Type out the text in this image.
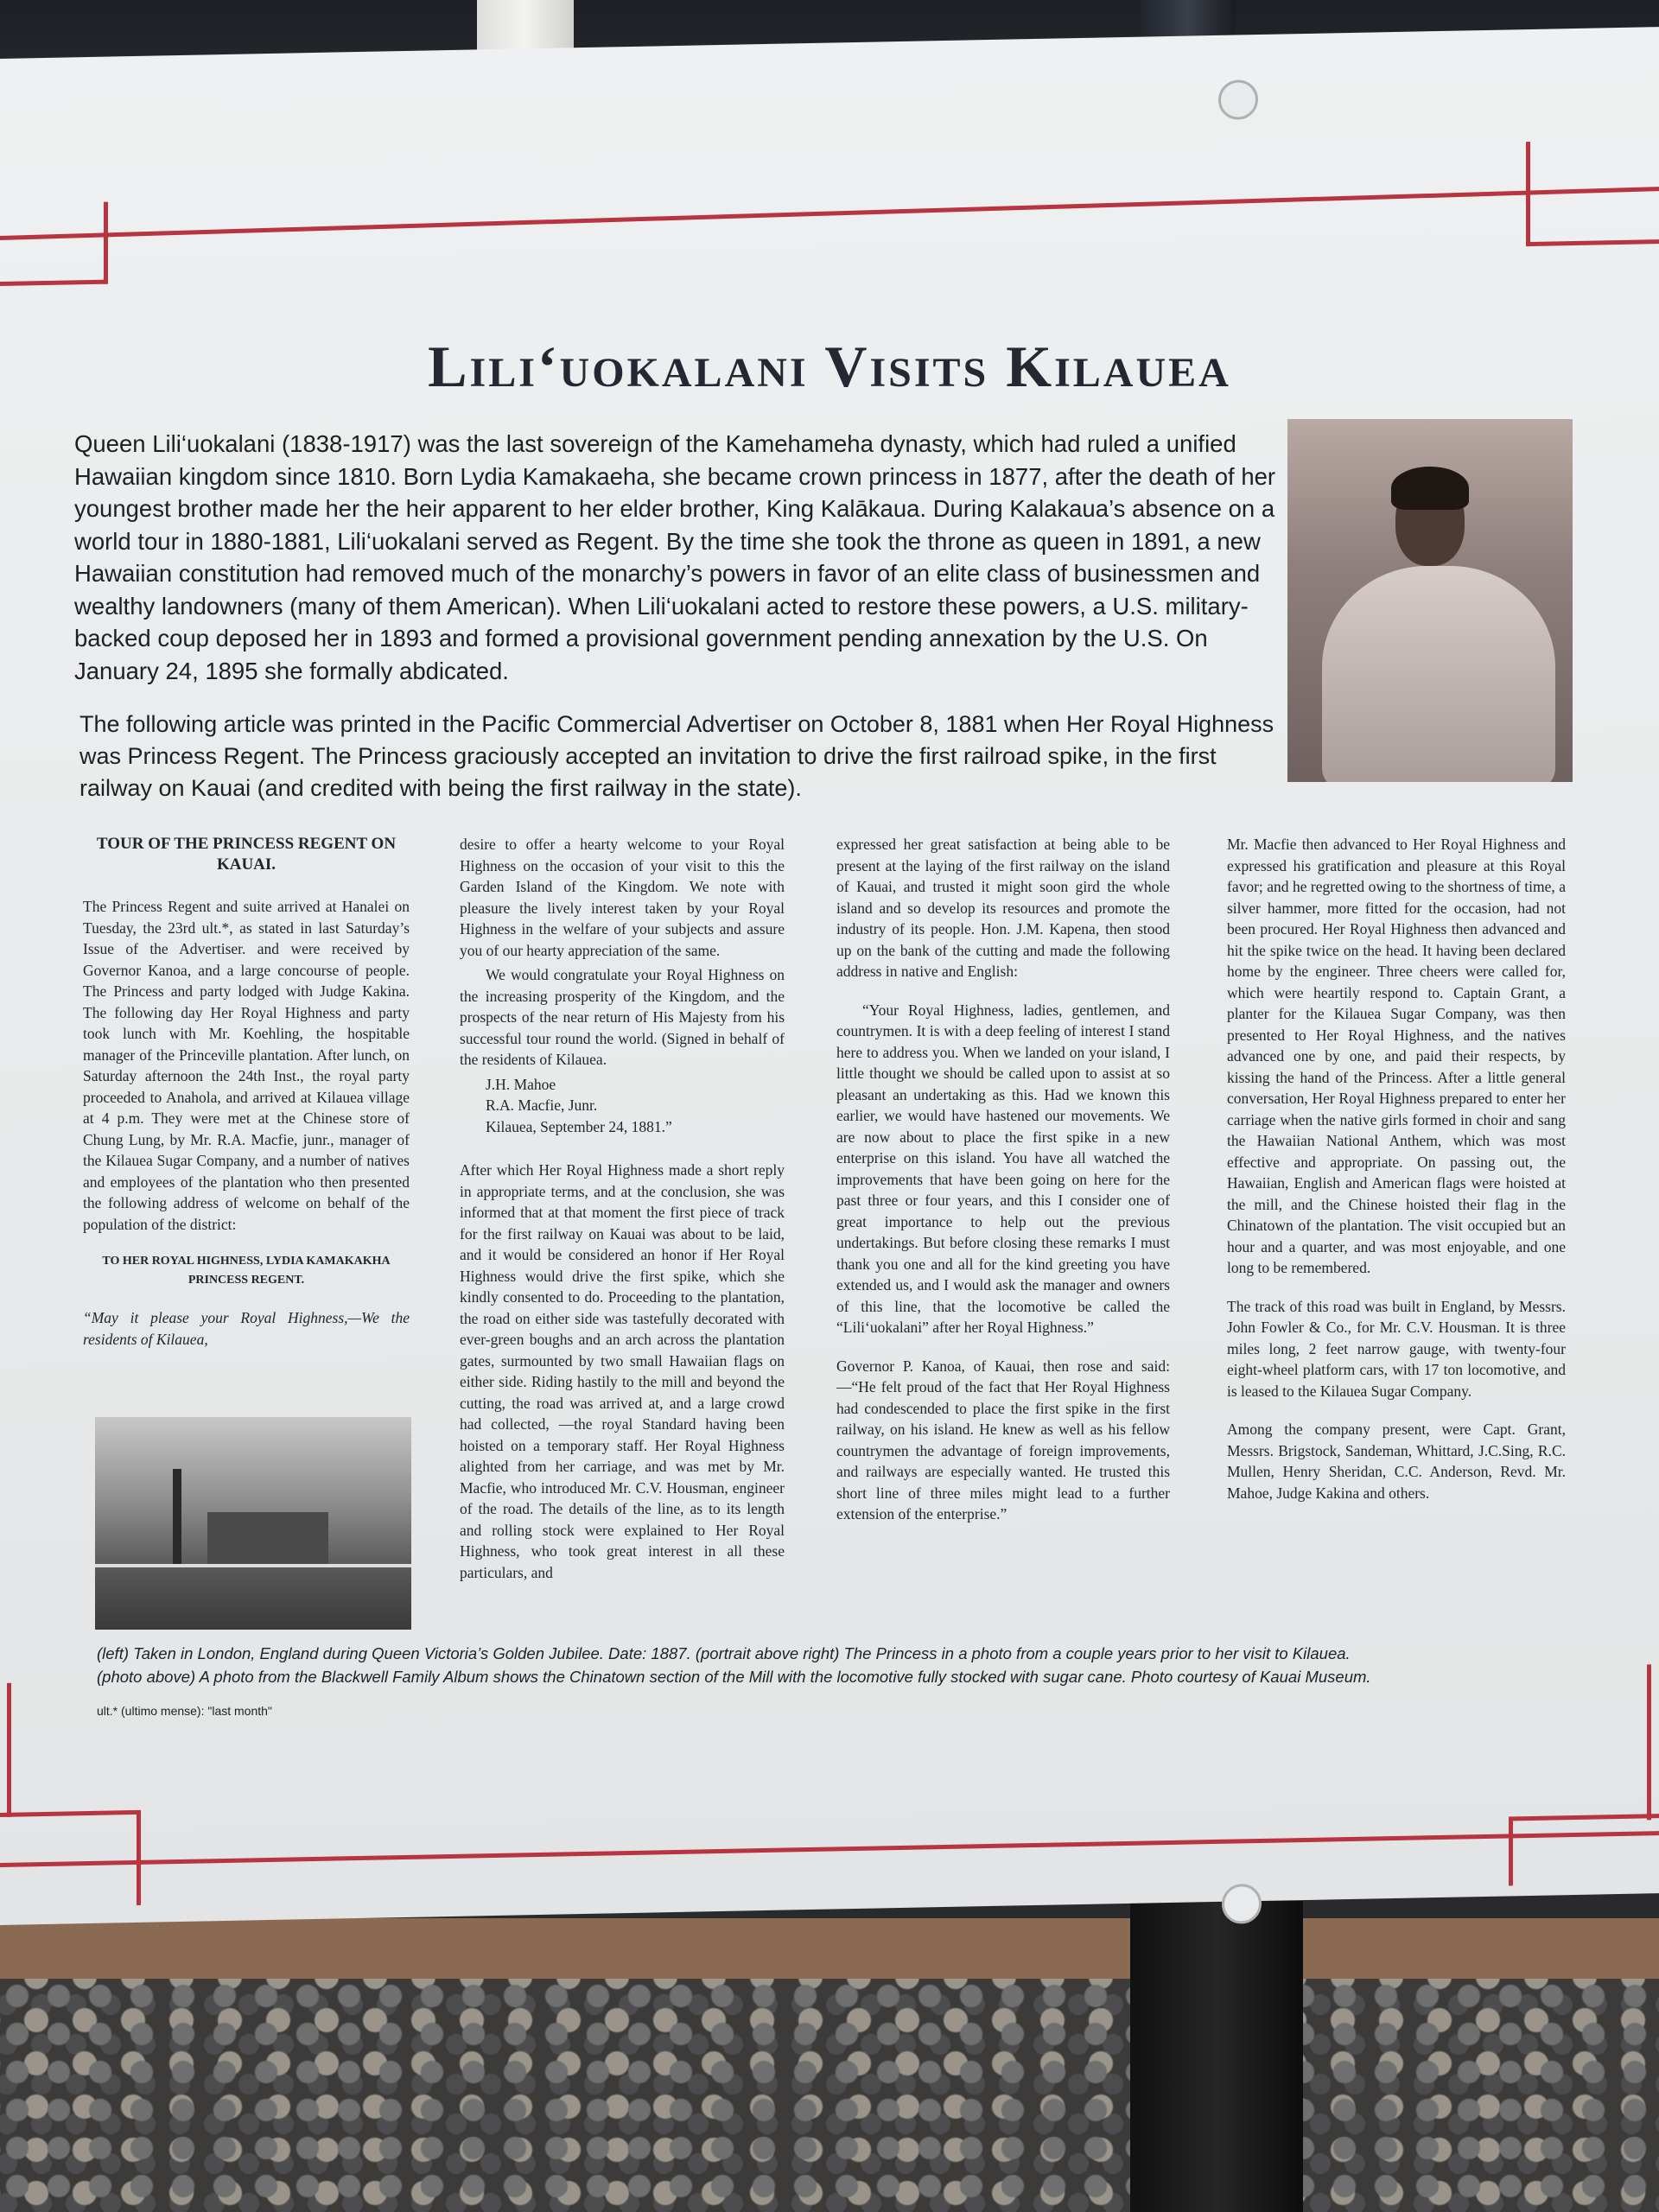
Lili‘uokalani Visits Kilauea
Queen Lili‘uokalani (1838-1917) was the last sovereign of the Kamehameha dynasty, which had ruled a unified Hawaiian kingdom since 1810. Born Lydia Kamakaeha, she became crown princess in 1877, after the death of her youngest brother made her the heir apparent to her elder brother, King Kalākaua. During Kalakaua’s absence on a world tour in 1880-1881, Lili‘uokalani served as Regent. By the time she took the throne as queen in 1891, a new Hawaiian constitution had removed much of the monarchy’s powers in favor of an elite class of businessmen and wealthy landowners (many of them American). When Lili‘uokalani acted to restore these powers, a U.S. military-backed coup deposed her in 1893 and formed a provisional government pending annexation by the U.S. On January 24, 1895 she formally abdicated.
The following article was printed in the Pacific Commercial Advertiser on October 8, 1881 when Her Royal Highness was Princess Regent. The Princess graciously accepted an invitation to drive the first railroad spike, in the first railway on Kauai (and credited with being the first railway in the state).
TOUR OF THE PRINCESS REGENT ON KAUAI.

The Princess Regent and suite arrived at Hanalei on Tuesday, the 23rd ult.*, as stated in last Saturday’s Issue of the Advertiser. and were received by Governor Kanoa, and a large concourse of people. The Princess and party lodged with Judge Kakina. The following day Her Royal Highness and party took lunch with Mr. Koehling, the hospitable manager of the Princeville plantation. After lunch, on Saturday afternoon the 24th Inst., the royal party proceeded to Anahola, and arrived at Kilauea village at 4 p.m. They were met at the Chinese store of Chung Lung, by Mr. R.A. Macfie, junr., manager of the Kilauea Sugar Company, and a number of natives and employees of the plantation who then presented the following address of welcome on behalf of the population of the district:

TO HER ROYAL HIGHNESS, LYDIA KAMAKAKHA PRINCESS REGENT.

“May it please your Royal Highness,—We the residents of Kilauea,

desire to offer a hearty welcome to your Royal Highness on the occasion of your visit to this the Garden Island of the Kingdom. We note with pleasure the lively interest taken by your Royal Highness in the welfare of your subjects and assure you of our hearty appreciation of the same.

We would congratulate your Royal Highness on the increasing prosperity of the Kingdom, and the prospects of the near return of His Majesty from his successful tour round the world. (Signed in behalf of the residents of Kilauea.

J.H. Mahoe
R.A. Macfie, Junr.
Kilauea, September 24, 1881.”

After which Her Royal Highness made a short reply in appropriate terms, and at the conclusion, she was informed that at that moment the first piece of track for the first railway on Kauai was about to be laid, and it would be considered an honor if Her Royal Highness would drive the first spike, which she kindly consented to do. Proceeding to the plantation, the road on either side was tastefully decorated with ever-green boughs and an arch across the plantation gates, surmounted by two small Hawaiian flags on either side. Riding hastily to the mill and beyond the cutting, the road was arrived at, and a large crowd had collected, —the royal Standard having been hoisted on a temporary staff. Her Royal Highness alighted from her carriage, and was met by Mr. Macfie, who introduced Mr. C.V. Housman, engineer of the road. The details of the line, as to its length and rolling stock were explained to Her Royal Highness, who took great interest in all these particulars, and

expressed her great satisfaction at being able to be present at the laying of the first railway on the island of Kauai, and trusted it might soon gird the whole island and so develop its resources and promote the industry of its people. Hon. J.M. Kapena, then stood up on the bank of the cutting and made the following address in native and English:

“Your Royal Highness, ladies, gentlemen, and countrymen. It is with a deep feeling of interest I stand here to address you. When we landed on your island, I little thought we should be called upon to assist at so pleasant an undertaking as this. Had we known this earlier, we would have hastened our movements. We are now about to place the first spike in a new enterprise on this island. You have all watched the improvements that have been going on here for the past three or four years, and this I consider one of great importance to help out the previous undertakings. But before closing these remarks I must thank you one and all for the kind greeting you have extended us, and I would ask the manager and owners of this line, that the locomotive be called the “Lili‘uokalani” after her Royal Highness.”

Governor P. Kanoa, of Kauai, then rose and said:—“He felt proud of the fact that Her Royal Highness had condescended to place the first spike in the first railway, on his island. He knew as well as his fellow countrymen the advantage of foreign improvements, and railways are especially wanted. He trusted this short line of three miles might lead to a further extension of the enterprise.”

Mr. Macfie then advanced to Her Royal Highness and expressed his gratification and pleasure at this Royal favor; and he regretted owing to the shortness of time, a silver hammer, more fitted for the occasion, had not been procured. Her Royal Highness then advanced and hit the spike twice on the head. It having been declared home by the engineer. Three cheers were called for, which were heartily respond to. Captain Grant, a planter for the Kilauea Sugar Company, was then presented to Her Royal Highness, and the natives advanced one by one, and paid their respects, by kissing the hand of the Princess. After a little general conversation, Her Royal Highness prepared to enter her carriage when the native girls formed in choir and sang the Hawaiian National Anthem, which was most effective and appropriate. On passing out, the Hawaiian, English and American flags were hoisted at the mill, and the Chinese hoisted their flag in the Chinatown of the plantation. The visit occupied but an hour and a quarter, and was most enjoyable, and one long to be remembered.

The track of this road was built in England, by Messrs. John Fowler & Co., for Mr. C.V. Housman. It is three miles long, 2 feet narrow gauge, with twenty-four eight-wheel platform cars, with 17 ton locomotive, and is leased to the Kilauea Sugar Company.

Among the company present, were Capt. Grant, Messrs. Brigstock, Sandeman, Whittard, J.C.Sing, R.C. Mullen, Henry Sheridan, C.C. Anderson, Revd. Mr. Mahoe, Judge Kakina and others.

(left) Taken in London, England during Queen Victoria’s Golden Jubilee. Date: 1887. (portrait above right) The Princess in a photo from a couple years prior to her visit to Kilauea.
(photo above) A photo from the Blackwell Family Album shows the Chinatown section of the Mill with the locomotive fully stocked with sugar cane. Photo courtesy of Kauai Museum.
ult.* (ultimo mense): "last month"
